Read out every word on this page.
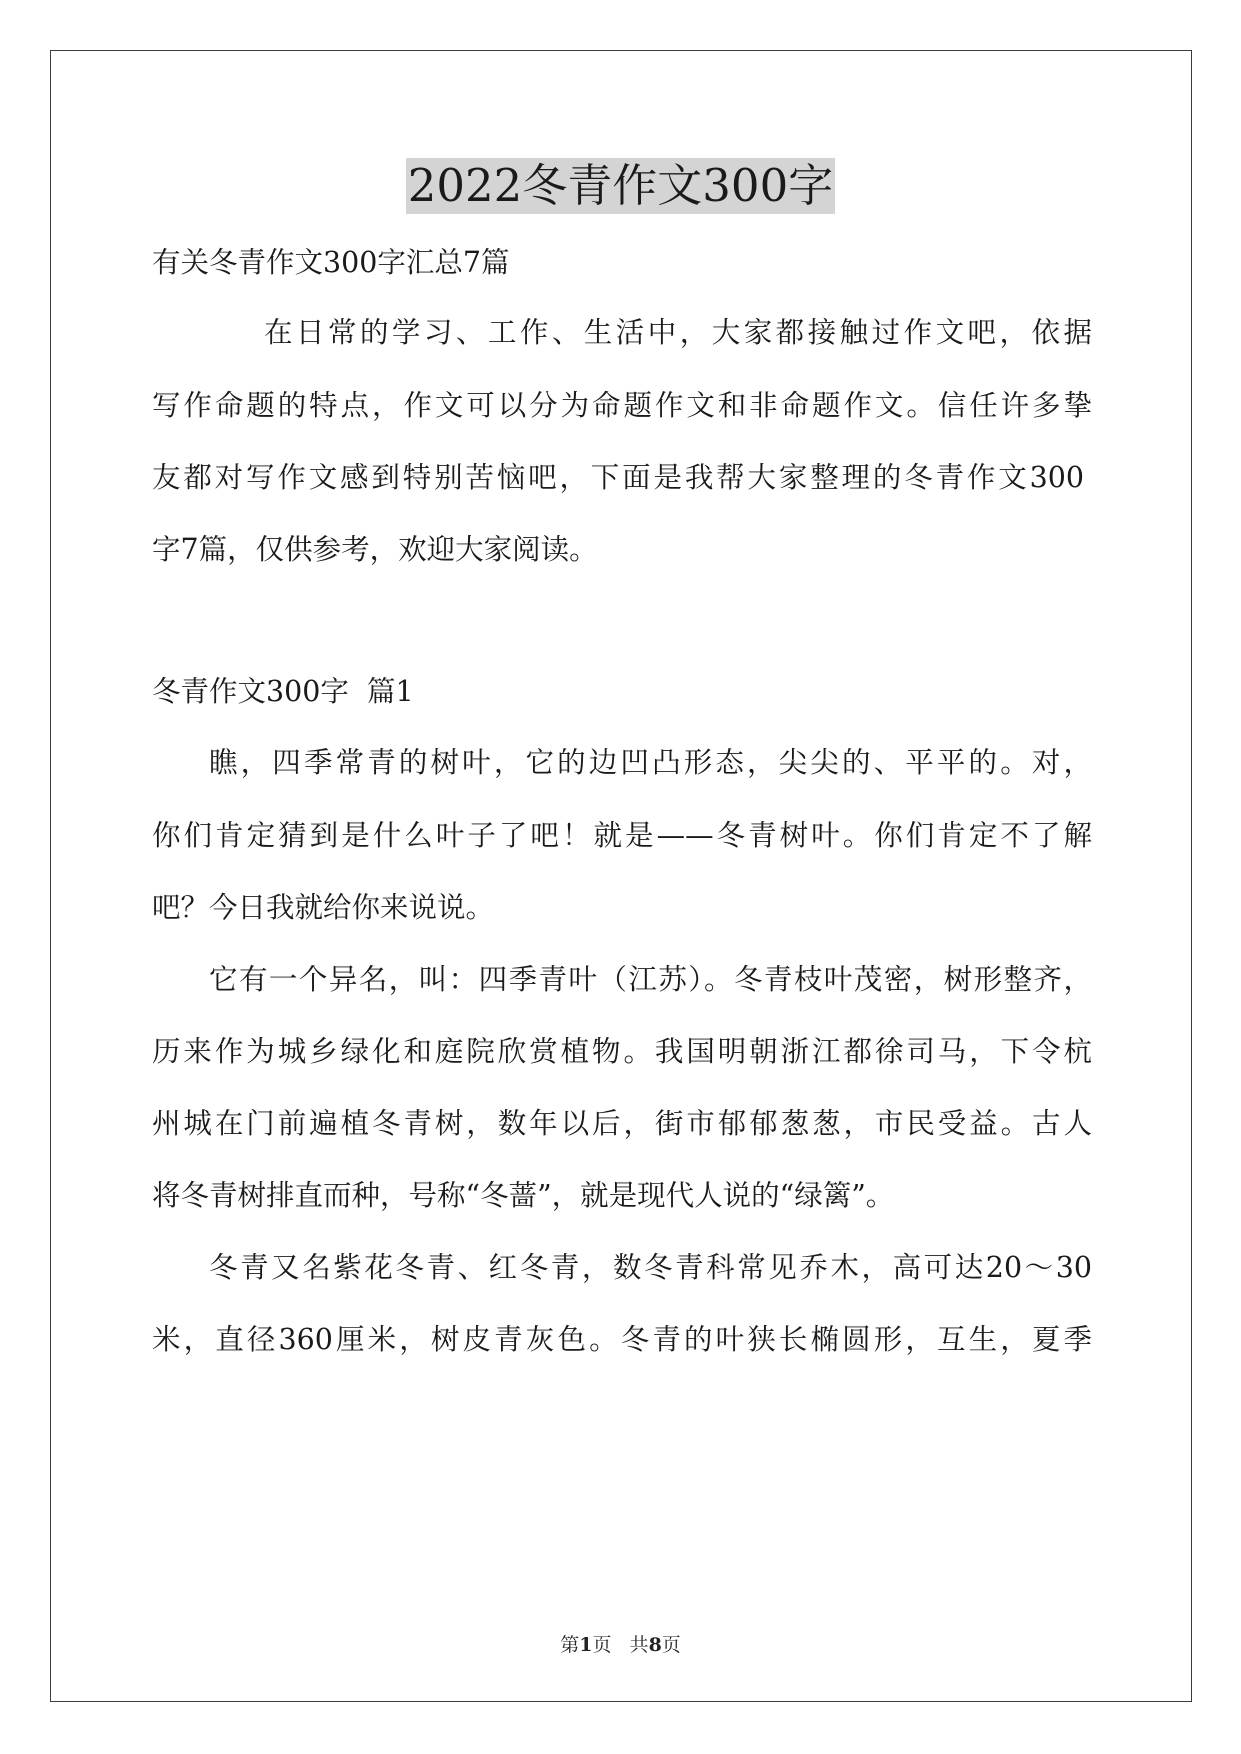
2022冬青作文300字
有关冬青作文300字汇总7篇
在日常的学习、工作、生活中，大家都接触过作文吧，依据
写作命题的特点，作文可以分为命题作文和非命题作文。信任许多挚
友都对写作文感到特别苦恼吧，下面是我帮大家整理的冬青作文300
字7篇，仅供参考，欢迎大家阅读。
冬青作文300字  篇1
瞧，四季常青的树叶，它的边凹凸形态，尖尖的、平平的。对，
你们肯定猜到是什么叶子了吧！就是——冬青树叶。你们肯定不了解
吧？今日我就给你来说说。
它有一个异名，叫：四季青叶（江苏）。冬青枝叶茂密，树形整齐，
历来作为城乡绿化和庭院欣赏植物。我国明朝浙江都徐司马，下令杭
州城在门前遍植冬青树，数年以后，街市郁郁葱葱，市民受益。古人
将冬青树排直而种，号称“冬蔷”，就是现代人说的“绿篱”。
冬青又名紫花冬青、红冬青，数冬青科常见乔木，高可达20～30
米，直径360厘米，树皮青灰色。冬青的叶狭长椭圆形，互生，夏季
第1页   共8页
